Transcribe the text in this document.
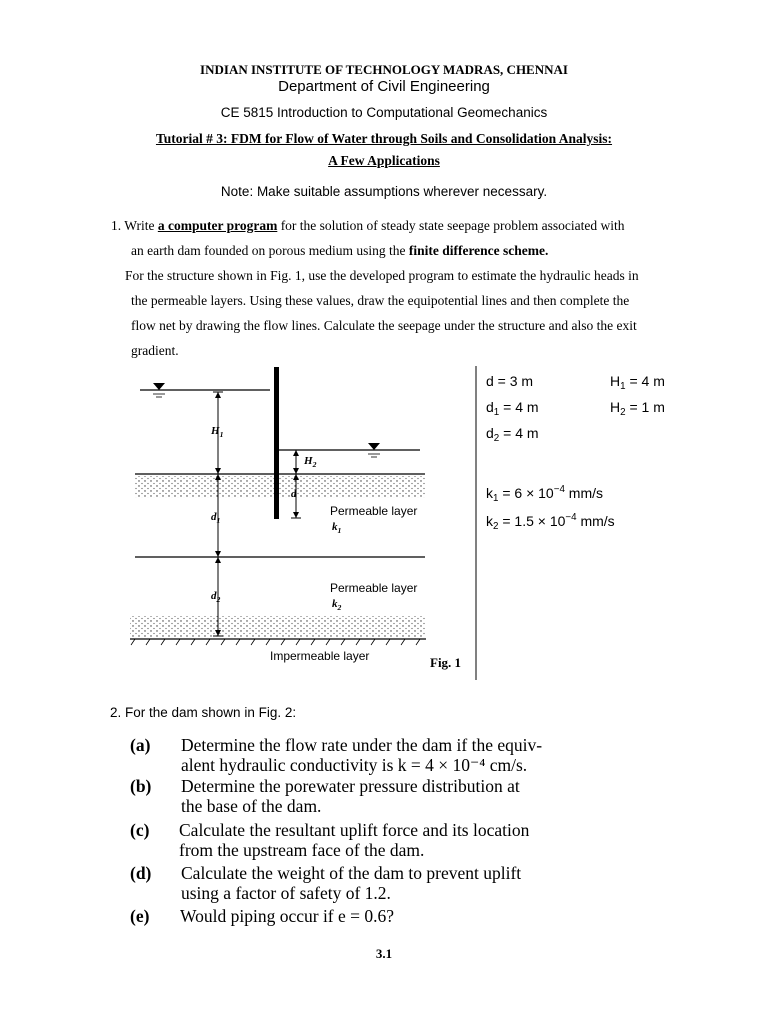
INDIAN INSTITUTE OF TECHNOLOGY MADRAS, CHENNAI
Department of Civil Engineering
CE 5815 Introduction to Computational Geomechanics
Tutorial # 3: FDM for Flow of Water through Soils and Consolidation Analysis:
A Few Applications
Note: Make suitable assumptions wherever necessary.
1. Write a computer program for the solution of steady state seepage problem associated with
an earth dam founded on porous medium using the finite difference scheme.
For the structure shown in Fig. 1, use the developed program to estimate the hydraulic heads in
the permeable layers. Using these values, draw the equipotential lines and then complete the
flow net by drawing the flow lines. Calculate the seepage under the structure and also the exit
gradient.
$H_1$
$H_2$
d
$d_1$
$d_2$
Permeable layer
$k_1$
Permeable layer
$k_2$
Impermeable layer	Fig. 1
d = 3 m	$H_1 = 4$ m
$d_1 = 4$ m	$H_2 = 1$ m
$d_2 = 4$ m
$k_1 = 6 \times 10^{-4}$ mm/s
$k_2 = 1.5 \times 10^{-4}$ mm/s
2. For the dam shown in Fig. 2:
(a) Determine the flow rate under the dam if the equiv-
alent hydraulic conductivity is k = 4 × 10⁻⁴ cm/s.
(b) Determine the porewater pressure distribution at
the base of the dam.
(c) Calculate the resultant uplift force and its location
from the upstream face of the dam.
(d) Calculate the weight of the dam to prevent uplift
using a factor of safety of 1.2.
(e) Would piping occur if e = 0.6?
3.1
